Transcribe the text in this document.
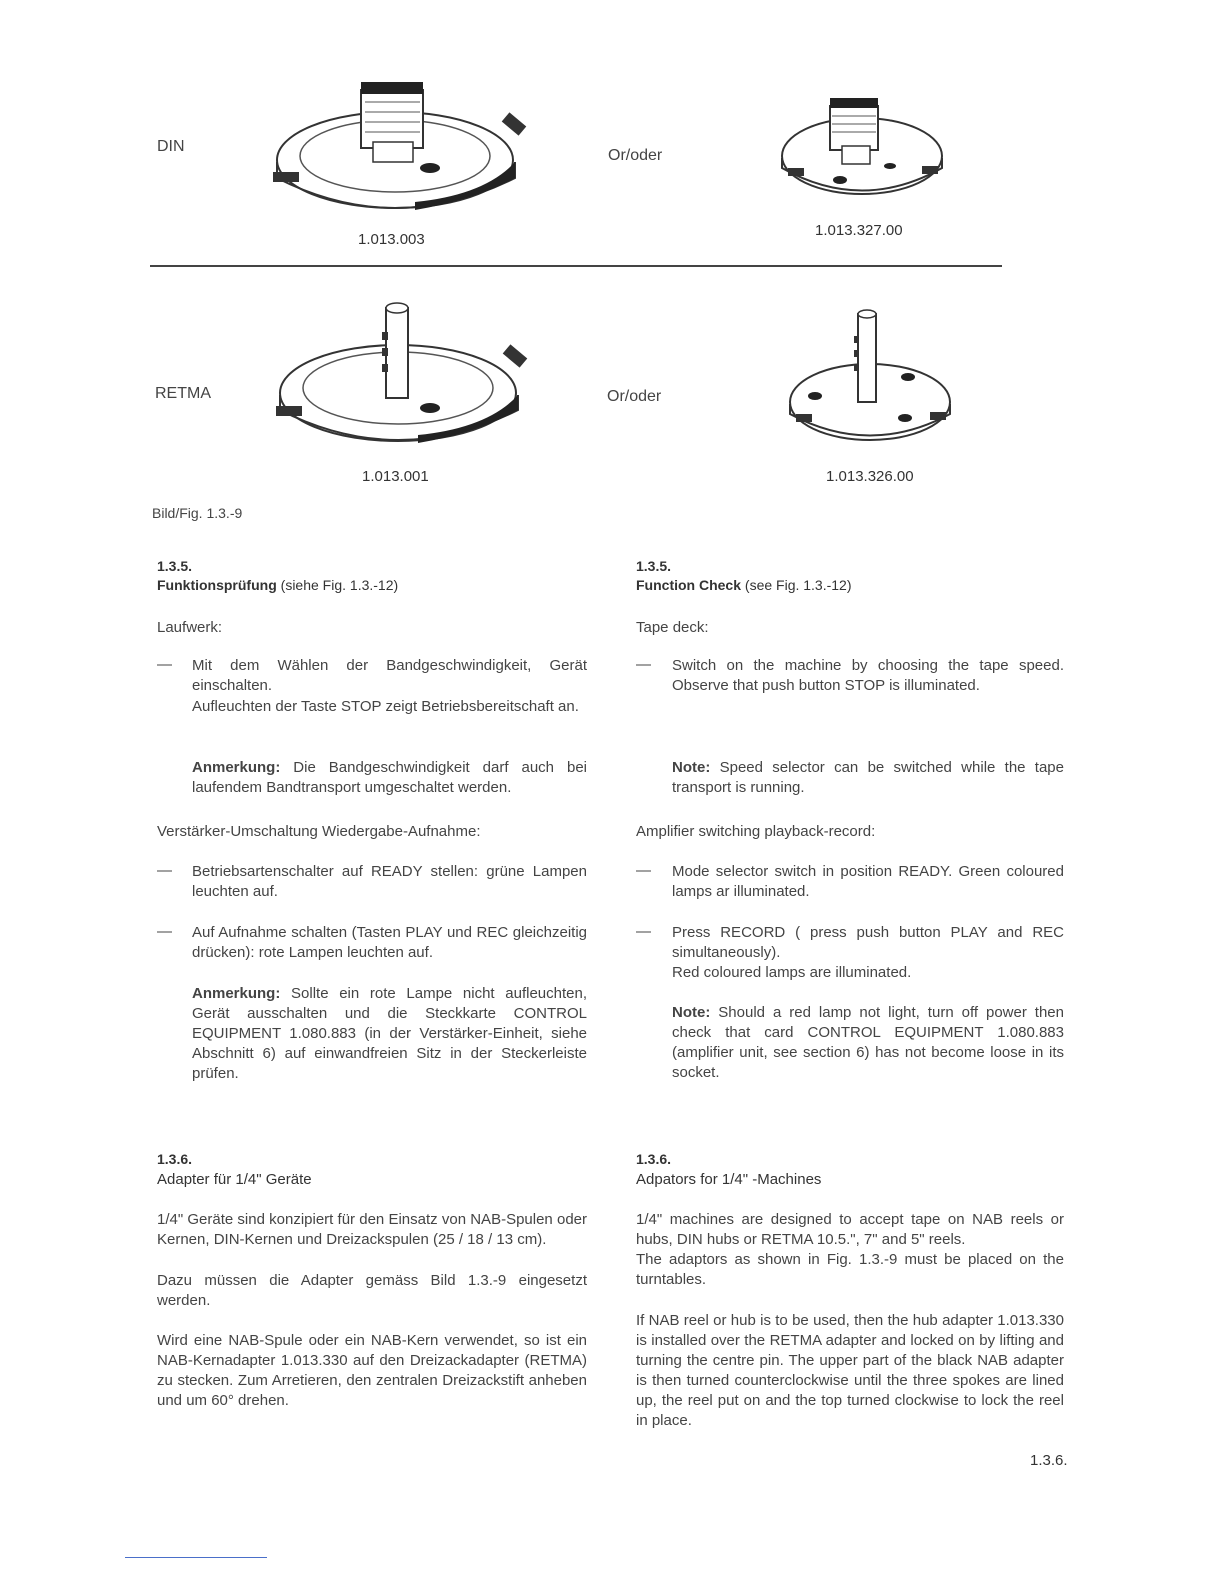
DIN
Or/oder
1.013.003
1.013.327.00
RETMA	Or/oder
1.013.001	1.013.326.00
Bild/Fig. 1.3.-9
1.3.5.
Funktionsprüfung (siehe Fig. 1.3.-12)
Laufwerk:
—	Mit dem Wählen der Bandgeschwindigkeit, Gerät einschalten.
Aufleuchten der Taste STOP zeigt Betriebsbereitschaft an.
Anmerkung: Die Bandgeschwindigkeit darf auch bei laufendem Bandtransport umgeschaltet werden.
Verstärker-Umschaltung Wiedergabe-Aufnahme:
—	Betriebsartenschalter auf READY stellen: grüne Lampen leuchten auf.
—	Auf Aufnahme schalten (Tasten PLAY und REC gleichzeitig drücken): rote Lampen leuchten auf.
Anmerkung: Sollte ein rote Lampe nicht aufleuchten, Gerät ausschalten und die Steckkarte CONTROL EQUIPMENT 1.080.883 (in der Verstärker-Einheit, siehe Abschnitt 6) auf einwandfreien Sitz in der Steckerleiste prüfen.
1.3.6.
Adapter für 1/4" Geräte
1/4" Geräte sind konzipiert für den Einsatz von NAB-Spulen oder Kernen, DIN-Kernen und Dreizackspulen (25 / 18 / 13 cm).
Dazu müssen die Adapter gemäss Bild 1.3.-9 eingesetzt werden.
Wird eine NAB-Spule oder ein NAB-Kern verwendet, so ist ein NAB-Kernadapter 1.013.330 auf den Dreizackadapter (RETMA) zu stecken. Zum Arretieren, den zentralen Dreizackstift anheben und um 60° drehen.
1.3.5.
Function Check (see Fig. 1.3.-12)
Tape deck:
—	Switch on the machine by choosing the tape speed. Observe that push button STOP is illuminated.
Note: Speed selector can be switched while the tape transport is running.
Amplifier switching playback-record:
—	Mode selector switch in position READY. Green coloured lamps ar illuminated.
—	Press RECORD ( press push button PLAY and REC simultaneously).
Red coloured lamps are illuminated.
Note: Should a red lamp not light, turn off power then check that card CONTROL EQUIPMENT 1.080.883 (amplifier unit, see section 6) has not become loose in its socket.
1.3.6.
Adpators for 1/4" -Machines
1/4" machines are designed to accept tape on NAB reels or hubs, DIN hubs or RETMA 10.5.", 7" and 5" reels.
The adaptors as shown in Fig. 1.3.-9 must be placed on the turntables.
If NAB reel or hub is to be used, then the hub adapter 1.013.330 is installed over the RETMA adapter and locked on by lifting and turning the centre pin. The upper part of the black NAB adapter is then turned counterclockwise until the three spokes are lined up, the reel put on and the top turned clockwise to lock the reel in place.
1.3.6.
